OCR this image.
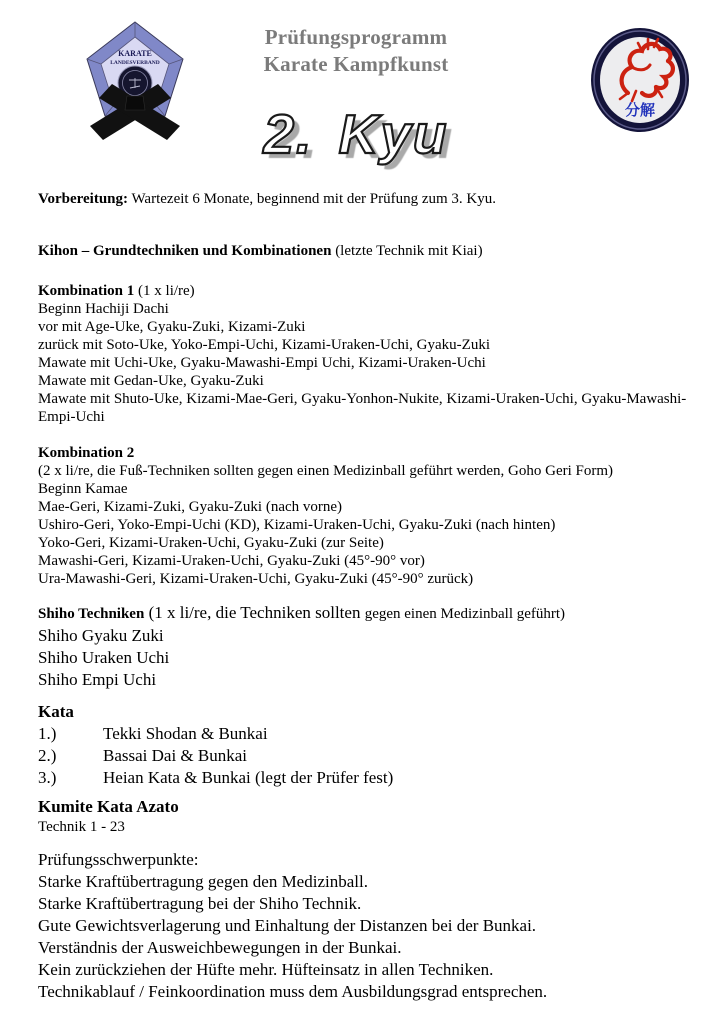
KARATE
LANDESVERBAND
Prüfungsprogramm
Karate Kampfkunst
分解
2. Kyu

Vorbereitung: Wartezeit 6 Monate, beginnend mit der Prüfung zum 3. Kyu.

Kihon – Grundtechniken und Kombinationen (letzte Technik mit Kiai)

Kombination 1 (1 x li/re)

Beginn Hachiji Dachi

vor mit Age-Uke, Gyaku-Zuki, Kizami-Zuki

zurück mit Soto-Uke, Yoko-Empi-Uchi, Kizami-Uraken-Uchi, Gyaku-Zuki

Mawate mit Uchi-Uke, Gyaku-Mawashi-Empi Uchi, Kizami-Uraken-Uchi

Mawate mit Gedan-Uke, Gyaku-Zuki

Mawate mit Shuto-Uke, Kizami-Mae-Geri, Gyaku-Yonhon-Nukite, Kizami-Uraken-Uchi, Gyaku-Mawashi-Empi-Uchi

Kombination 2

(2 x li/re, die Fuß-Techniken sollten gegen einen Medizinball geführt werden, Goho Geri Form)

Beginn Kamae

Mae-Geri, Kizami-Zuki, Gyaku-Zuki (nach vorne)

Ushiro-Geri, Yoko-Empi-Uchi (KD), Kizami-Uraken-Uchi, Gyaku-Zuki (nach hinten)

Yoko-Geri, Kizami-Uraken-Uchi, Gyaku-Zuki (zur Seite)

Mawashi-Geri, Kizami-Uraken-Uchi, Gyaku-Zuki (45°-90° vor)

Ura-Mawashi-Geri, Kizami-Uraken-Uchi, Gyaku-Zuki (45°-90° zurück)

Shiho Techniken (1 x li/re, die Techniken sollten gegen einen Medizinball geführt)

Shiho Gyaku Zuki

Shiho Uraken Uchi

Shiho Empi Uchi

Kata

1.)	Tekki Shodan & Bunkai

2.)	Bassai Dai & Bunkai

3.)	Heian Kata & Bunkai (legt der Prüfer fest)

Kumite Kata Azato

Technik 1 - 23

Prüfungsschwerpunkte:

Starke Kraftübertragung gegen den Medizinball.

Starke Kraftübertragung bei der Shiho Technik.

Gute Gewichtsverlagerung und Einhaltung der Distanzen bei der Bunkai.

Verständnis der Ausweichbewegungen in der Bunkai.

Kein zurückziehen der Hüfte mehr. Hüfteinsatz in allen Techniken.

Technikablauf / Feinkoordination muss dem Ausbildungsgrad entsprechen.
